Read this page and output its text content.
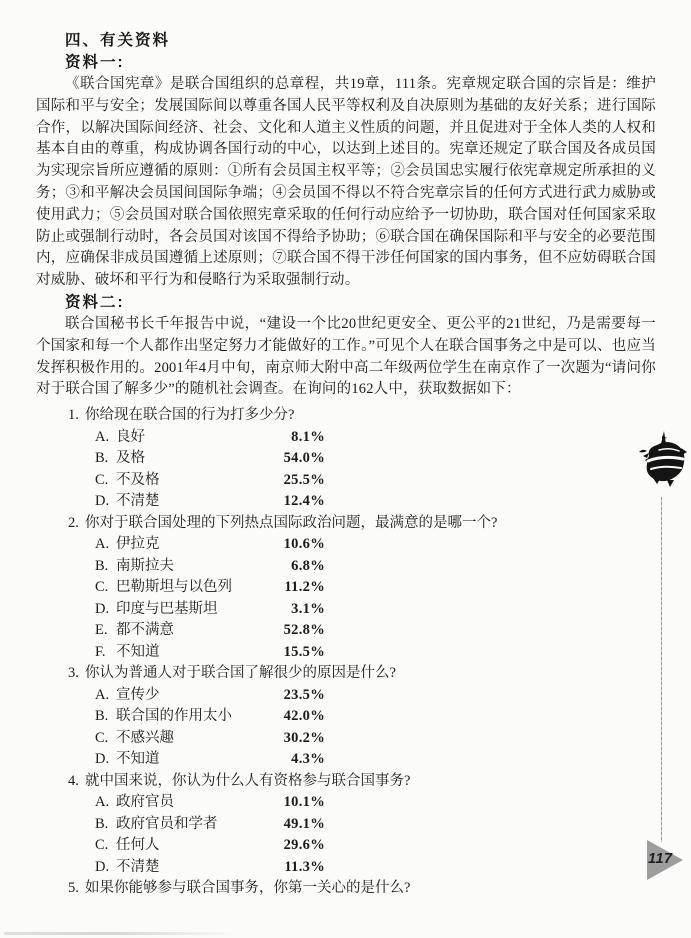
四、有关资料
资料一:

《联合国宪章》是联合国组织的总章程，共19章，111条。宪章规定联合国的宗旨是：维护国际和平与安全；发展国际间以尊重各国人民平等权利及自决原则为基础的友好关系；进行国际合作，以解决国际间经济、社会、文化和人道主义性质的问题，并且促进对于全体人类的人权和基本自由的尊重，构成协调各国行动的中心，以达到上述目的。宪章还规定了联合国及各成员国为实现宗旨所应遵循的原则：①所有会员国主权平等；②会员国忠实履行依宪章规定所承担的义务；③和平解决会员国间国际争端；④会员国不得以不符合宪章宗旨的任何方式进行武力威胁或使用武力；⑤会员国对联合国依照宪章采取的任何行动应给予一切协助，联合国对任何国家采取防止或强制行动时，各会员国对该国不得给予协助；⑥联合国在确保国际和平与安全的必要范围内，应确保非成员国遵循上述原则；⑦联合国不得干涉任何国家的国内事务，但不应妨碍联合国对威胁、破坏和平行为和侵略行为采取强制行动。

资料二:

联合国秘书长千年报告中说，“建设一个比20世纪更安全、更公平的21世纪，乃是需要每一个国家和每一个人都作出坚定努力才能做好的工作。”可见个人在联合国事务之中是可以、也应当发挥积极作用的。2001年4月中旬，南京师大附中高二年级两位学生在南京作了一次题为“请问你对于联合国了解多少”的随机社会调查。在询问的162人中，获取数据如下：

1. 你给现在联合国的行为打多少分?
A. 良好	8.1%
B. 及格	54.0%
C. 不及格	25.5%
D. 不清楚	12.4%
2. 你对于联合国处理的下列热点国际政治问题，最满意的是哪一个?
A. 伊拉克	10.6%
B. 南斯拉夫	6.8%
C. 巴勒斯坦与以色列	11.2%
D. 印度与巴基斯坦	3.1%
E. 都不满意	52.8%
F. 不知道	15.5%
3. 你认为普通人对于联合国了解很少的原因是什么?
A. 宣传少	23.5%
B. 联合国的作用太小	42.0%
C. 不感兴趣	30.2%
D. 不知道	4.3%
4. 就中国来说，你认为什么人有资格参与联合国事务?
A. 政府官员	10.1%
B. 政府官员和学者	49.1%
C. 任何人	29.6%
D. 不清楚	11.3%
5. 如果你能够参与联合国事务，你第一关心的是什么?
117
